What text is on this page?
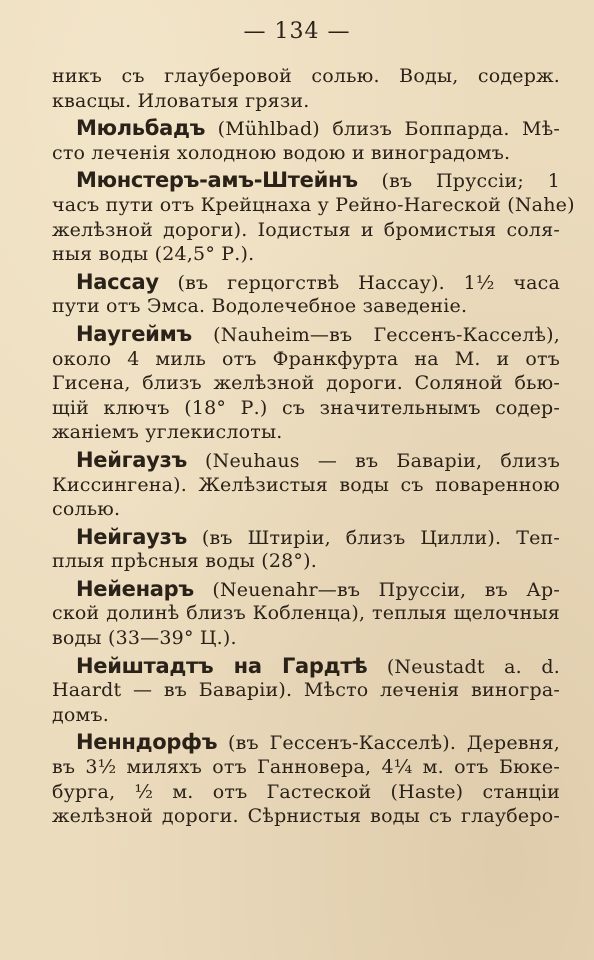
— 134 —
никъ съ глауберовой солью. Воды, содерж.
квасцы. Иловатыя грязи.
Мюльбадъ (Mühlbad) близъ Боппарда. Мѣ-
сто леченія холодною водою и виноградомъ.
Мюнстеръ-амъ-Штейнъ (въ Пруссіи; 1
часъ пути отъ Крейцнаха у Рейно-Нагеской (Nahe)
желѣзной дороги). Іодистыя и бромистыя соля-
ныя воды (24,5° Р.).
Нассау (въ герцогствѣ Нассау). 1½ часа
пути отъ Эмса. Водолечебное заведеніе.
Наугеймъ (Nauheim—въ Гессенъ-Касселѣ),
около 4 миль отъ Франкфурта на М. и отъ
Гисена, близъ желѣзной дороги. Соляной бью-
щій ключъ (18° Р.) съ значительнымъ содер-
жаніемъ углекислоты.
Нейгаузъ (Neuhaus — въ Баваріи, близъ
Киссингена). Желѣзистыя воды съ поваренною
солью.
Нейгаузъ (въ Штиріи, близъ Цилли). Теп-
плыя прѣсныя воды (28°).
Нейенаръ (Neuenahr—въ Пруссіи, въ Ар-
ской долинѣ близъ Кобленца), теплыя щелочныя
воды (33—39° Ц.).
Нейштадтъ на Гардтѣ (Neustadt a. d.
Haardt — въ Баваріи). Мѣсто леченія виногра-
домъ.
Ненндорфъ (въ Гессенъ-Касселѣ). Деревня,
въ 3½ миляхъ отъ Ганновера, 4¼ м. отъ Бюке-
бурга, ½ м. отъ Гастеской (Haste) станціи
желѣзной дороги. Сѣрнистыя воды съ глауберо-
